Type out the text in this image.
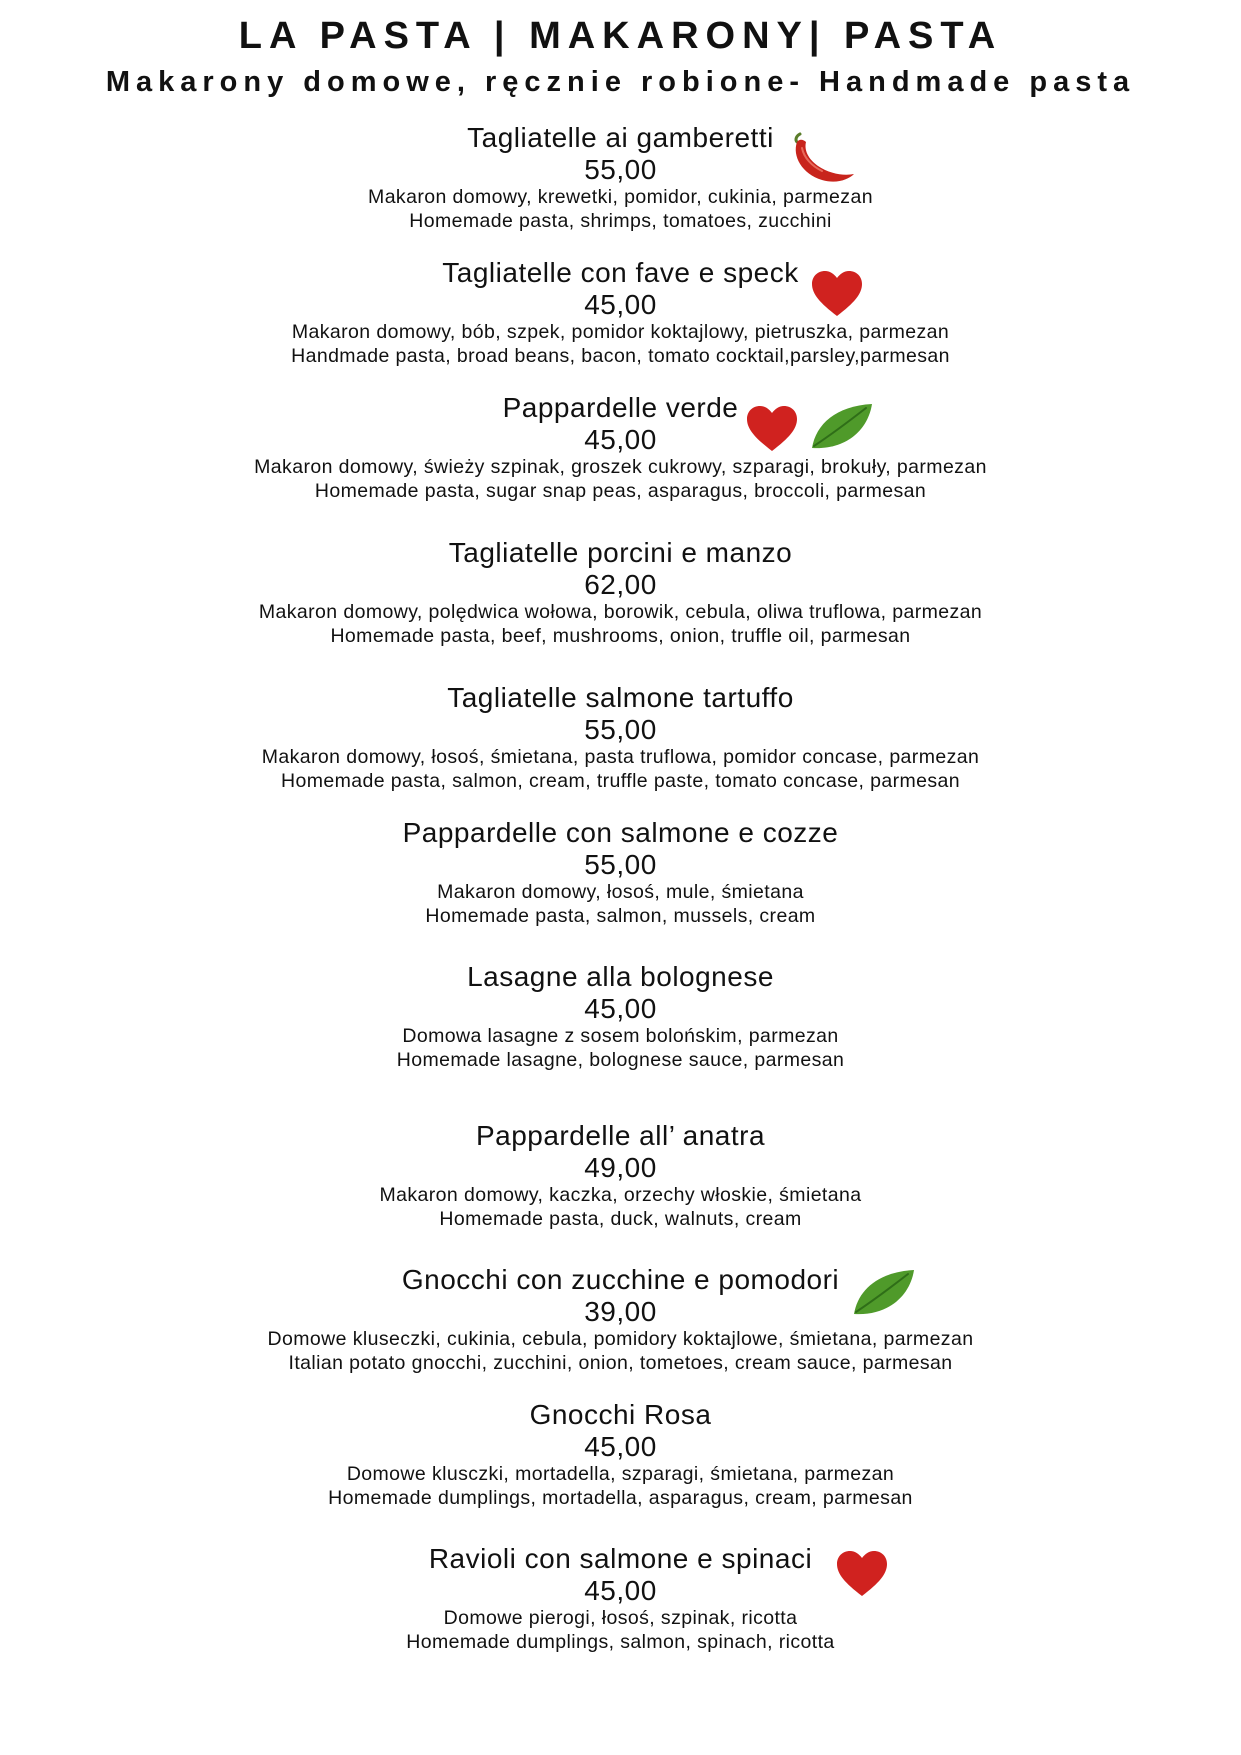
LA PASTA | MAKARONY| PASTA
Makarony domowe, ręcznie robione- Handmade pasta
Tagliatelle ai gamberetti
55,00
Makaron domowy, krewetki, pomidor, cukinia, parmezan
Homemade pasta, shrimps, tomatoes, zucchini
Tagliatelle con fave e speck
45,00
Makaron domowy, bób, szpek, pomidor koktajlowy, pietruszka, parmezan
Handmade pasta, broad beans, bacon, tomato cocktail,parsley,parmesan
Pappardelle verde
45,00
Makaron domowy, świeży szpinak, groszek cukrowy, szparagi, brokuły, parmezan
Homemade pasta, sugar snap peas, asparagus, broccoli, parmesan
Tagliatelle porcini e manzo
62,00
Makaron domowy, polędwica wołowa, borowik, cebula, oliwa truflowa, parmezan
Homemade pasta, beef, mushrooms, onion, truffle oil, parmesan
Tagliatelle salmone tartuffo
55,00
Makaron domowy, łosoś, śmietana, pasta truflowa, pomidor concase, parmezan
Homemade pasta, salmon, cream, truffle paste, tomato concase, parmesan
Pappardelle con salmone e cozze
55,00
Makaron domowy, łosoś, mule, śmietana
Homemade pasta, salmon, mussels, cream
Lasagne alla bolognese
45,00
Domowa lasagne z sosem bolońskim, parmezan
Homemade lasagne, bolognese sauce, parmesan
Pappardelle all’ anatra
49,00
Makaron domowy, kaczka, orzechy włoskie, śmietana
Homemade pasta, duck, walnuts, cream
Gnocchi con zucchine e pomodori
39,00
Domowe kluseczki, cukinia, cebula, pomidory koktajlowe, śmietana, parmezan
Italian potato gnocchi, zucchini, onion, tometoes, cream sauce, parmesan
Gnocchi Rosa
45,00
Domowe klusczki, mortadella, szparagi, śmietana, parmezan
Homemade dumplings, mortadella, asparagus, cream, parmesan
Ravioli con salmone e spinaci
45,00
Domowe pierogi, łosoś, szpinak, ricotta
Homemade dumplings, salmon, spinach, ricotta
